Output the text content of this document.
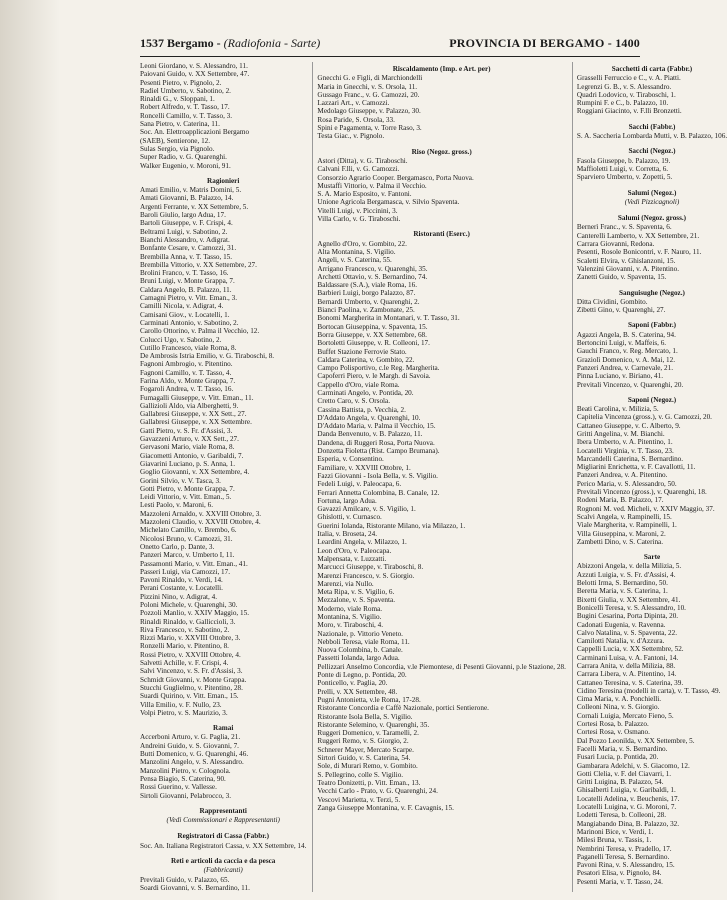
1537 Bergamo - (Radiofonia - Sarte)	PROVINCIA DI BERGAMO - 1400
Leoni Giordano, v. S. Alessandro, 11.
Paiovani Guido, v. XX Settembre, 47.
Pesenti Pietro, v. Pignolo, 2.
Radiel Umberto, v. Sabotino, 2.
Rinaldi G., v. Sloppani, 1.
Robert Alfredo, v. T. Tasso, 17.
Roncelli Camillo, v. T. Tasso, 3.
Sana Pietro, v. Caterina, 11.
Soc. An. Elettroapplicazioni Bergamo
(SAEB), Sentierone, 12.
Sulas Sergio, via Pignolo.
Super Radio, v. G. Quarenghi.
Walker Eugenio, v. Moroni, 91.
Ragionieri
Amati Emilio, v. Matris Domini, 5.
Amati Giovanni, B. Palazzo, 14.
Argenti Ferrante, v. XX Settembre, 5.
Baroli Giulio, largo Adua, 17.
Bartoli Giuseppe, v. F. Crispi, 4.
Beltrami Luigi, v. Sabotino, 2.
Bianchi Alessandro, v. Adigrat.
Bonfante Cesare, v. Camozzi, 31.
Brembilla Anna, v. T. Tasso, 15.
Brembilla Vittorio, v. XX Settembre, 27.
Brolini Franco, v. T. Tasso, 16.
Bruni Luigi, v. Monte Grappa, 7.
Caldara Angelo, B. Palazzo, 11.
Camagni Pietro, v. Vitt. Eman., 3.
Camilli Nicola, v. Adigrat, 4.
Camisani Giov., v. Locatelli, 1.
Carminati Antonio, v. Sabotino, 2.
Carollo Ottorino, v. Palma il Vecchio, 12.
Colucci Ugo, v. Sabotino, 2.
Cutillo Francesco, viale Roma, 8.
De Ambrosis Istria Emilio, v. G. Tiraboschi, 8.
Fagnoni Ambrogio, v. Pitentino.
Fagnoni Camillo, v. T. Tasso, 4.
Farina Aldo, v. Monte Grappa, 7.
Fogaroli Andrea, v. T. Tasso, 16.
Fumagalli Giuseppe, v. Vitt. Eman., 11.
Gallizioli Aldo, via Alberghetti, 9.
Gallabresi Giuseppe, v. XX Sett., 27.
Gallabresi Giuseppe, v. XX Settembre.
Gatti Pietro, v. S. Fr. d'Assisi, 3.
Gavazzeni Arturo, v. XX Sett., 27.
Gervasoni Mario, viale Roma, 8.
Giacometti Antonio, v. Garibaldi, 7.
Giavarini Luciano, p. S. Anna, 1.
Goglio Giovanni, v. XX Settembre, 4.
Gorini Silvio, v. V. Tasca, 3.
Gotti Pietro, v. Monte Grappa, 7.
Leidi Vittorio, v. Vitt. Eman., 5.
Lesti Paolo, v. Maroni, 6.
Mazzoleni Arnaldo, v. XXVIII Ottobre, 3.
Mazzoleni Claudio, v. XXVIII Ottobre, 4.
Michelato Camillo, v. Brembo, 6.
Nicolosi Bruno, v. Camozzi, 31.
Onetto Carlo, p. Dante, 3.
Panzeri Marco, v. Umberto I, 11.
Passamonti Mario, v. Vitt. Eman., 41.
Passeri Luigi, via Camozzi, 17.
Pavoni Rinaldo, v. Verdi, 14.
Perani Costante, v. Locatelli.
Pizzini Nino, v. Adigrat, 4.
Poloni Michele, v. Quarenghi, 30.
Pozzoli Manlio, v. XXIV Maggio, 15.
Rinaldi Rinaldo, v. Galliccioli, 3.
Riva Francesco, v. Sabotino, 2.
Rizzi Mario, v. XXVIII Ottobre, 3.
Ronzelli Mario, v. Pitentino, 8.
Rossi Pietro, v. XXVIII Ottobre, 4.
Salvetti Achille, v. F. Crispi, 4.
Salvi Vincenzo, v. S. Fr. d'Assisi, 3.
Schmidt Giovanni, v. Monte Grappa.
Stucchi Guglielmo, v. Pitentino, 28.
Suardi Quirino, v. Vitt. Eman., 15.
Villa Emilio, v. F. Nullo, 23.
Volpi Pietro, v. S. Maurizio, 3.
Ramai
Accerboni Arturo, v. G. Paglia, 21.
Andreini Guido, v. S. Giovanni, 7.
Butti Domenico, v. G. Quarenghi, 46.
Manzolini Angelo, v. S. Alessandro.
Manzolini Pietro, v. Colognola.
Pensa Biagio, S. Caterina, 90.
Rossi Guerino, v. Vallesse.
Sirtoli Giovanni, Pelabrocco, 3.
Rappresentanti
(Vedi Commissionari e Rappresentanti)
Registratori di Cassa (Fabbr.)
Soc. An. Italiana Registratori Cassa, v. XX Settembre, 14.
Reti e articoli da caccia e da pesca
(Fabbricanti)
Previtali Guido, v. Palazzo, 65.
Soardi Giovanni, v. S. Bernardino, 11.
Riscaldamento (Imp. e Art. per)
Gnecchi G. e Figli, di Marchiondelli
Maria in Gnecchi, v. S. Orsola, 11.
Gussago Franc., v. G. Camozzi, 20.
Lazzari Art., v. Camozzi.
Medolago Giuseppe, v. Palazzo, 30.
Rosa Paride, S. Orsola, 33.
Spini e Pagamenta, v. Torre Raso, 3.
Testa Giac., v. Pignolo.
Riso (Negoz. gross.)
Astori (Ditta), v. G. Tiraboschi.
Calvani F.lli, v. G. Camozzi.
Consorzio Agrario Cooper. Bergamasco, Porta Nuova.
Mustaffi Vittorio, v. Palma il Vecchio.
S. A. Mario Esposito, v. Fantoni.
Unione Agricola Bergamasca, v. Silvio Spaventa.
Vitelli Luigi, v. Piccinini, 3.
Villa Carlo, v. G. Tiraboschi.
Ristoranti (Eserc.)
Agnello d'Oro, v. Gombito, 22.
Alta Montanina, S. Vigilio.
Angeli, v. S. Caterina, 55.
Arrigano Francesco, v. Quarenghi, 35.
Archetti Ottavio, v. S. Bernardino, 74.
Baldassare (S.A.), viale Roma, 16.
Barbieri Luigi, borgo Palazzo, 87.
Bernardi Umberto, v. Quarenghi, 2.
Bianci Paolina, v. Zambonate, 25.
Bonomi Margherita in Montanari, v. T. Tasso, 31.
Bortocan Giuseppina, v. Spaventa, 15.
Borra Giuseppe, v. XX Settembre, 68.
Bortoletti Giuseppe, v. R. Colleoni, 17.
Buffet Stazione Ferrovie Stato.
Caldara Caterina, v. Gombito, 22.
Campo Polisportivo, c.le Reg. Margherita.
Capoferri Piero, v. le Margh. di Savoia.
Cappello d'Oro, viale Roma.
Carminati Angelo, v. Pontida, 20.
Cretto Caro, v. S. Orsola.
Cassina Battista, p. Vecchia, 2.
D'Addato Angela, v. Quarenghi, 10.
D'Addato Maria, v. Palma il Vecchio, 15.
Danda Benvenuto, v. B. Palazzo, 11.
Dandena, di Ruggeri Rosa, Porta Nuova.
Donzetta Fioletta (Rist. Campo Brumana).
Esperia, v. Consentino.
Familiare, v. XXVIII Ottobre, 1.
Fazzi Giovanni - Isola Bella, v. S. Vigilio.
Fedeli Luigi, v. Paleocapa, 6.
Ferrari Annetta Colombina, B. Canale, 12.
Fortuna, largo Adua.
Gavazzi Amilcare, v. S. Vigilio, 1.
Ghislotti, v. Curnasco.
Guerini Iolanda, Ristorante Milano, via Milazzo, 1.
Italia, v. Broseta, 24.
Leardini Angela, v. Milazzo, 1.
Leon d'Oro, v. Paleocapa.
Malpensata, v. Luzzatti.
Marcucci Giuseppe, v. Tiraboschi, 8.
Marenzi Francesco, v. S. Giorgio.
Marenzi, via Nullo.
Meta Ripa, v. S. Vigilio, 6.
Mezzalone, v. S. Spaventa.
Moderno, viale Roma.
Montanina, S. Vigilio.
Moro, v. Tiraboschi, 4.
Nazionale, p. Vittorio Veneto.
Nebboli Teresa, viale Roma, 11.
Nuova Colombina, b. Canale.
Passetti Iolanda, largo Adua.
Pellizzari Anselmo Concordia, v.le Piemontese, di Pesenti Giovanni, p.le Stazione, 28.
Ponte di Legno, p. Pontida, 20.
Ponticello, v. Paglia, 20.
Prelli, v. XX Settembre, 48.
Pugni Antonietta, v.le Roma, 17-28.
Ristorante Concordia e Caffè Nazionale, portici Sentierone.
Ristorante Isola Bella, S. Vigilio.
Ristorante Selemino, v. Quarenghi, 35.
Ruggeri Domenico, v. Taramelli, 2.
Ruggeri Remo, v. S. Giorgio, 2.
Schnerer Mayer, Mercato Scarpe.
Sirtori Guido, v. S. Caterina, 54.
Sole, di Murari Remo, v. Gombito.
S. Pellegrino, colle S. Vigilio.
Teatro Donizetti, p. Vitt. Eman., 13.
Vecchi Carlo - Prato, v. G. Quarenghi, 24.
Vescovi Marietta, v. Terzi, 5.
Zanga Giuseppe Montanina, v. F. Cavagnis, 15.
Sacchetti di carta (Fabbr.)
Grasselli Ferruccio e C., v. A. Piatti.
Legrenzi G. B., v. S. Alessandro.
Quadri Lodovico, v. Tiraboschi, 1.
Rumpini F. e C., b. Palazzo, 10.
Roggiani Giacinto, v. F.lli Bronzetti.
Sacchi (Fabbr.)
S. A. Saccheria Lombarda Mutti, v. B. Palazzo, 106.
Sacchi (Negoz.)
Fasola Giuseppe, b. Palazzo, 19.
Maffioletti Luigi, v. Corretta, 6.
Sparviero Umberto, v. Zopetti, 5.
Salumi (Negoz.)
(Vedi Pizzicagnoli)
Salumi (Negoz. gross.)
Bernerì Franc., v. S. Spaventa, 6.
Canterelli Lamberto, v. XX Settembre, 21.
Carrara Giovanni, Redona.
Pesenti, Rosole Bonicontri, v. F. Nauro, 11.
Scaletti Elvira, v. Ghislanzoni, 15.
Valenzini Giovanni, v. A. Pitentino.
Zanetti Guido, v. Spaventa, 15.
Sanguisughe (Negoz.)
Ditta Cividini, Gombito.
Zibetti Gino, v. Quarenghi, 27.
Saponi (Fabbr.)
Agazzi Angela, B. S. Caterina, 94.
Bertoncini Luigi, v. Maffeis, 6.
Gauchi Franco, v. Reg. Mercato, 1.
Graziolì Domenico, v. A. Mai, 12.
Panzeri Andrea, v. Carnevale, 21.
Pinna Luciano, v. Biriano, 41.
Previtali Vincenzo, v. Quarenghi, 20.
Saponi (Negoz.)
Beati Carolina, v. Milizia, 5.
Capitelia Vincenza (gross.), v. G. Camozzi, 20.
Cattaneo Giuseppe, v. C. Alberto, 9.
Gritti Angelina, v. M. Bianchi.
Ibera Umberto, v. A. Pitentino, 1.
Locatelli Virginia, v. T. Tasso, 23.
Marcandelli Caterina, S. Bernardino.
Migliarini Enrichetta, v. F. Cavallotti, 11.
Panzeri Andrea, v. A. Pitentino.
Perico Maria, v. S. Alessandro, 50.
Previtali Vincenzo (gross.), v. Quarenghi, 18.
Rodeni Maria, B. Palazzo, 17.
Rognoni M. ved. Micheli, v. XXIV Maggio, 37.
Scalvi Angela, v. Rampinelli, 15.
Viale Margherita, v. Rampinelli, 1.
Villa Giuseppina, v. Maroni, 2.
Zambetti Dino, v. S. Caterina.
Sarte
Abizzoni Angela, v. della Milizia, 5.
Azzuti Luigia, v. S. Fr. d'Assisi, 4.
Belotti Irma, S. Bernardino, 50.
Beretta Maria, v. S. Caterina, 1.
Bixetti Giulia, v. XX Settembre, 41.
Bonicelli Teresa, v. S. Alessandro, 10.
Bugini Cesarina, Porta Dipinta, 20.
Cadonati Eugenia, v. Ravenna.
Calvo Natalina, v. S. Spaventa, 22.
Camilotti Natalia, v. d'Azzura.
Cappelli Lucia, v. XX Settembre, 52.
Carminani Luisa, v. A. Fantoni, 14.
Carrara Anita, v. della Milizia, 88.
Carrara Libera, v. A. Pitentino, 14.
Cattaneo Teresina, v. S. Caterina, 39.
Cidino Teresina (modelli in carta), v. T. Tasso, 49.
Cima Maria, v. A. Ponchielli.
Colleoni Nina, v. S. Giorgio.
Cornali Luigia, Mercato Fieno, 5.
Cortesi Rosa, b. Palazzo.
Cortesi Rosa, v. Osmano.
Dal Pozzo Leonilda, v. XX Settembre, 5.
Facelli Maria, v. S. Bernardino.
Fusari Lucia, p. Pontida, 20.
Gambarara Adelchi, v. S. Giacomo, 12.
Gotti Clelia, v. F. del Ciavarri, 1.
Gritti Luigina, B. Palazzo, 54.
Ghisalberti Luigia, v. Garibaldi, 1.
Locatelli Adelina, v. Beuchenis, 17.
Locatelli Luigina, v. G. Moroni, 7.
Lodetti Teresa, b. Colleoni, 28.
Mangiabando Dina, B. Palazzo, 32.
Marinoni Bice, v. Verdi, 1.
Milesi Bruna, v. Tassis, 1.
Nembrini Teresa, v. Pradello, 17.
Paganelli Teresa, S. Bernardino.
Pavoni Rina, v. S. Alessandro, 15.
Pesatori Elisa, v. Pignolo, 84.
Pesenti Maria, v. T. Tasso, 24.
